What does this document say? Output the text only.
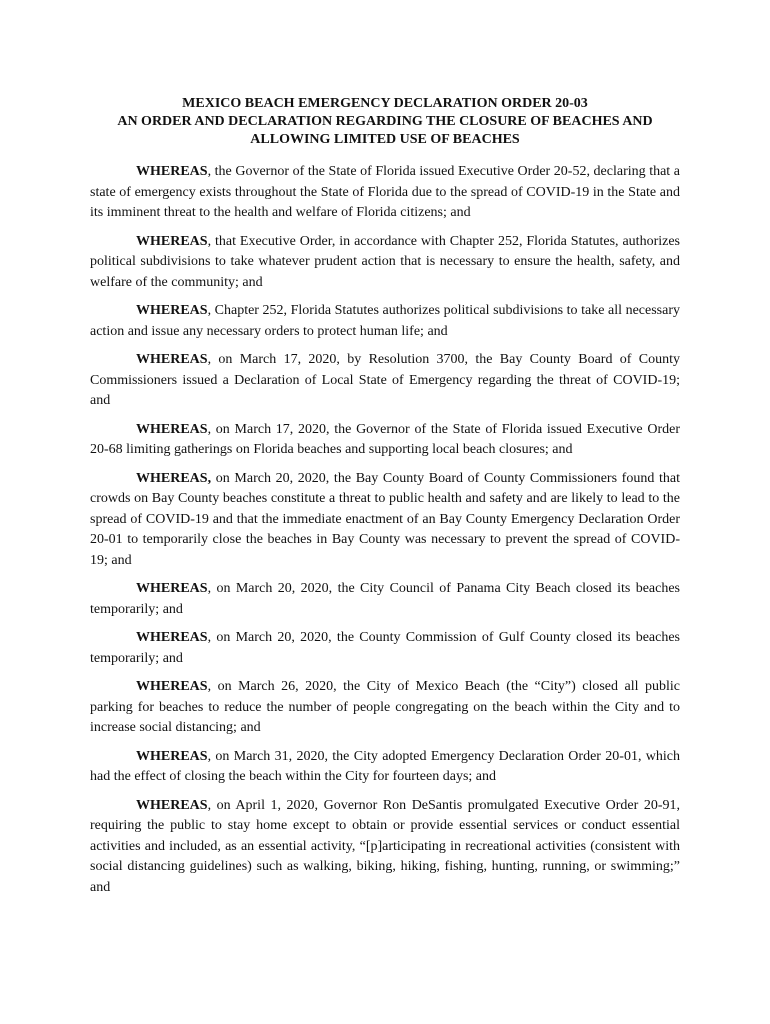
MEXICO BEACH EMERGENCY DECLARATION ORDER 20-03
AN ORDER AND DECLARATION REGARDING THE CLOSURE OF BEACHES AND
ALLOWING LIMITED USE OF BEACHES

WHEREAS, the Governor of the State of Florida issued Executive Order 20-52, declaring that a state of emergency exists throughout the State of Florida due to the spread of COVID-19 in the State and its imminent threat to the health and welfare of Florida citizens; and

WHEREAS, that Executive Order, in accordance with Chapter 252, Florida Statutes, authorizes political subdivisions to take whatever prudent action that is necessary to ensure the health, safety, and welfare of the community; and

WHEREAS, Chapter 252, Florida Statutes authorizes political subdivisions to take all necessary action and issue any necessary orders to protect human life; and

WHEREAS, on March 17, 2020, by Resolution 3700, the Bay County Board of County Commissioners issued a Declaration of Local State of Emergency regarding the threat of COVID-19; and

WHEREAS, on March 17, 2020, the Governor of the State of Florida issued Executive Order 20-68 limiting gatherings on Florida beaches and supporting local beach closures; and

WHEREAS, on March 20, 2020, the Bay County Board of County Commissioners found that crowds on Bay County beaches constitute a threat to public health and safety and are likely to lead to the spread of COVID-19 and that the immediate enactment of an Bay County Emergency Declaration Order 20-01 to temporarily close the beaches in Bay County was necessary to prevent the spread of COVID-19; and

WHEREAS, on March 20, 2020, the City Council of Panama City Beach closed its beaches temporarily; and

WHEREAS, on March 20, 2020, the County Commission of Gulf County closed its beaches temporarily; and

WHEREAS, on March 26, 2020, the City of Mexico Beach (the “City”) closed all public parking for beaches to reduce the number of people congregating on the beach within the City and to increase social distancing; and

WHEREAS, on March 31, 2020, the City adopted Emergency Declaration Order 20-01, which had the effect of closing the beach within the City for fourteen days; and

WHEREAS, on April 1, 2020, Governor Ron DeSantis promulgated Executive Order 20-91, requiring the public to stay home except to obtain or provide essential services or conduct essential activities and included, as an essential activity, “[p]articipating in recreational activities (consistent with social distancing guidelines) such as walking, biking, hiking, fishing, hunting, running, or swimming;” and
